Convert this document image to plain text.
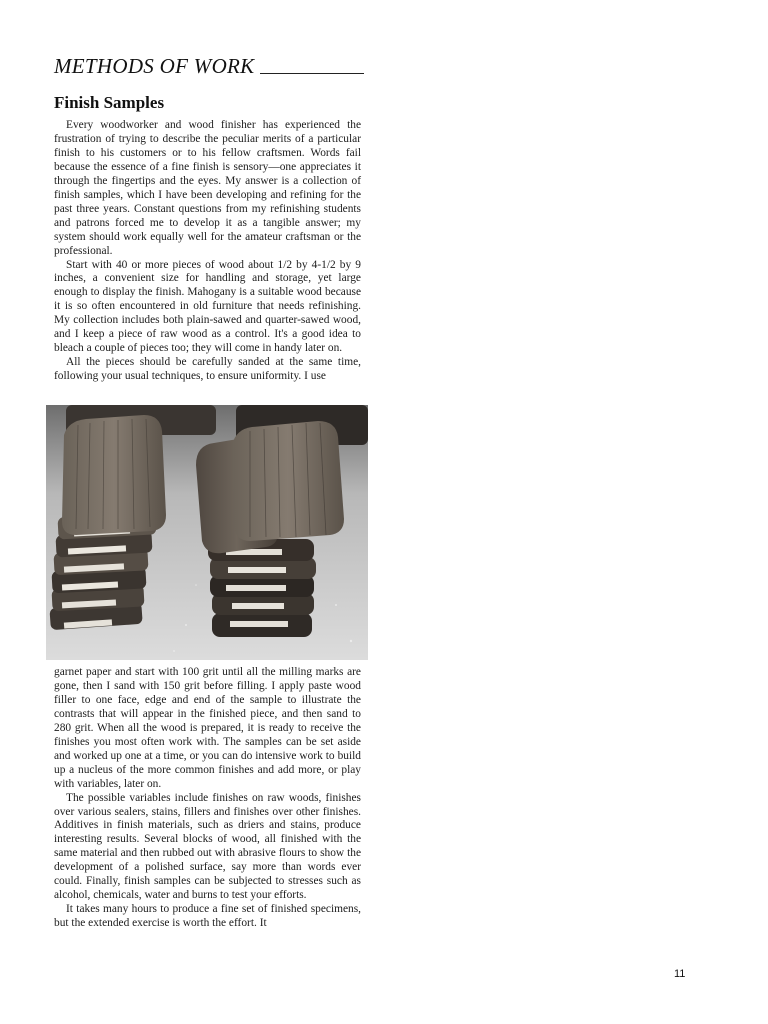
METHODS OF WORK
Finish Samples

Every woodworker and wood finisher has experienced the frustration of trying to describe the peculiar merits of a particular finish to his customers or to his fellow craftsmen. Words fail because the essence of a fine finish is sensory—one appreciates it through the fingertips and the eyes. My answer is a collection of finish samples, which I have been developing and refining for the past three years. Constant questions from my refinishing students and patrons forced me to develop it as a tangible answer; my system should work equally well for the amateur craftsman or the professional.

Start with 40 or more pieces of wood about 1/2 by 4-1/2 by 9 inches, a convenient size for handling and storage, yet large enough to display the finish. Mahogany is a suitable wood because it is so often encountered in old furniture that needs refinishing. My collection includes both plain-sawed and quarter-sawed wood, and I keep a piece of raw wood as a control. It's a good idea to bleach a couple of pieces too; they will come in handy later on.

All the pieces should be carefully sanded at the same time, following your usual techniques, to ensure uniformity. I use

garnet paper and start with 100 grit until all the milling marks are gone, then I sand with 150 grit before filling. I apply paste wood filler to one face, edge and end of the sample to illustrate the contrasts that will appear in the finished piece, and then sand to 280 grit. When all the wood is prepared, it is ready to receive the finishes you most often work with. The samples can be set aside and worked up one at a time, or you can do intensive work to build up a nucleus of the more common finishes and add more, or play with variables, later on.

The possible variables include finishes on raw woods, finishes over various sealers, stains, fillers and finishes over other finishes. Additives in finish materials, such as driers and stains, produce interesting results. Several blocks of wood, all finished with the same material and then rubbed out with abrasive flours to show the development of a polished surface, say more than words ever could. Finally, finish samples can be subjected to stresses such as alcohol, chemicals, water and burns to test your efforts.

It takes many hours to produce a fine set of finished specimens, but the extended exercise is worth the effort. It

11
